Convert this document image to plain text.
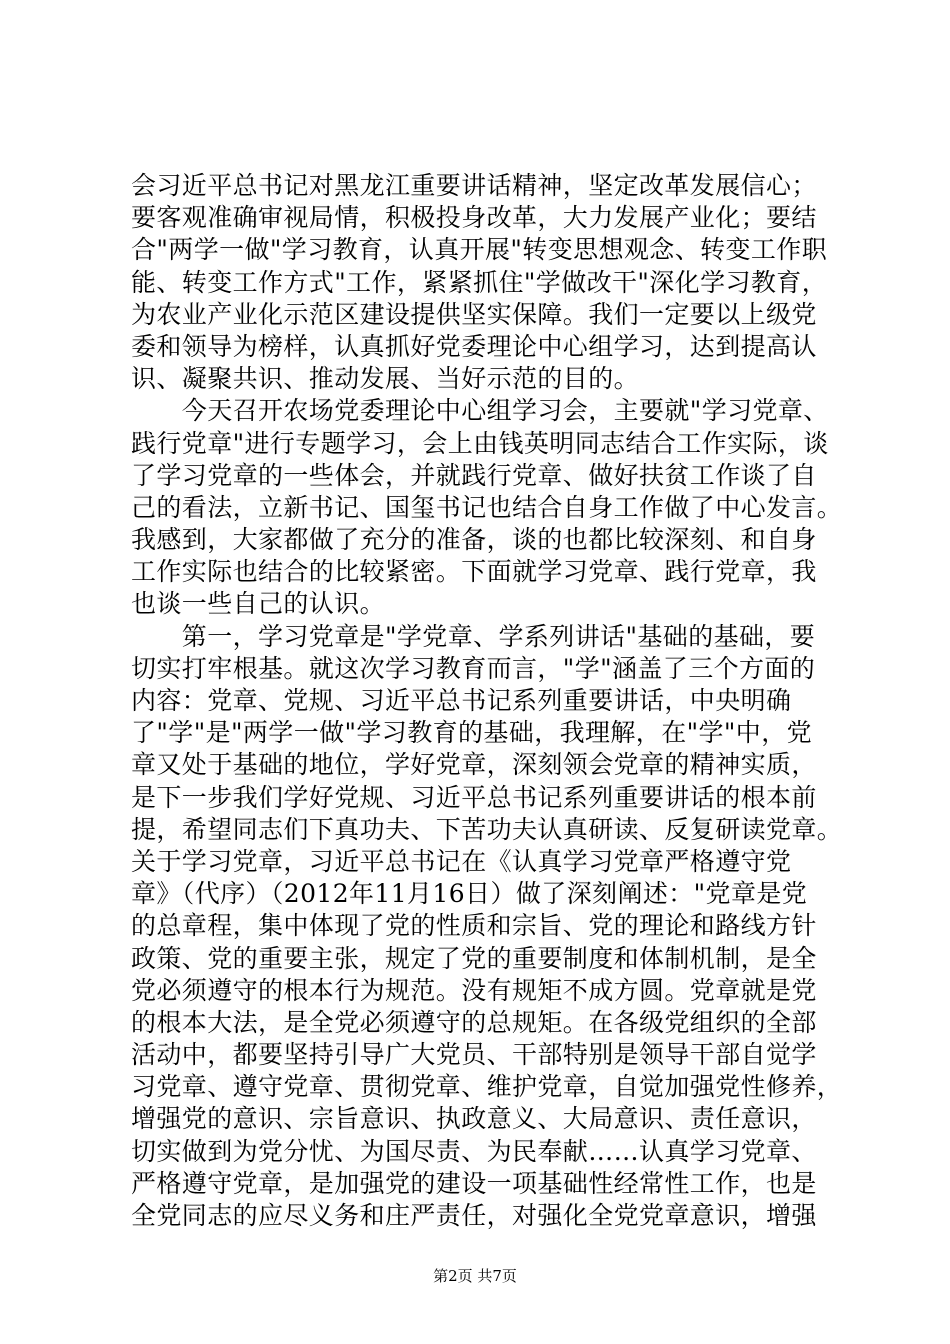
会习近平总书记对黑龙江重要讲话精神，坚定改革发展信心；
要客观准确审视局情，积极投身改革，大力发展产业化；要结
合"两学一做"学习教育，认真开展"转变思想观念、转变工作职
能、转变工作方式"工作，紧紧抓住"学做改干"深化学习教育，
为农业产业化示范区建设提供坚实保障。我们一定要以上级党
委和领导为榜样，认真抓好党委理论中心组学习，达到提高认
识、凝聚共识、推动发展、当好示范的目的。
　　今天召开农场党委理论中心组学习会，主要就"学习党章、
践行党章"进行专题学习，会上由钱英明同志结合工作实际，谈
了学习党章的一些体会，并就践行党章、做好扶贫工作谈了自
己的看法，立新书记、国玺书记也结合自身工作做了中心发言。
我感到，大家都做了充分的准备，谈的也都比较深刻、和自身
工作实际也结合的比较紧密。下面就学习党章、践行党章，我
也谈一些自己的认识。
　　第一，学习党章是"学党章、学系列讲话"基础的基础，要
切实打牢根基。就这次学习教育而言，"学"涵盖了三个方面的
内容：党章、党规、习近平总书记系列重要讲话，中央明确
了"学"是"两学一做"学习教育的基础，我理解，在"学"中，党
章又处于基础的地位，学好党章，深刻领会党章的精神实质，
是下一步我们学好党规、习近平总书记系列重要讲话的根本前
提，希望同志们下真功夫、下苦功夫认真研读、反复研读党章。
关于学习党章，习近平总书记在《认真学习党章严格遵守党
章》（代序）（2012年11月16日）做了深刻阐述："党章是党
的总章程，集中体现了党的性质和宗旨、党的理论和路线方针
政策、党的重要主张，规定了党的重要制度和体制机制，是全
党必须遵守的根本行为规范。没有规矩不成方圆。党章就是党
的根本大法，是全党必须遵守的总规矩。在各级党组织的全部
活动中，都要坚持引导广大党员、干部特别是领导干部自觉学
习党章、遵守党章、贯彻党章、维护党章，自觉加强党性修养，
增强党的意识、宗旨意识、执政意义、大局意识、责任意识，
切实做到为党分忧、为国尽责、为民奉献……认真学习党章、
严格遵守党章，是加强党的建设一项基础性经常性工作，也是
全党同志的应尽义务和庄严责任，对强化全党党章意识，增强
第2页 共7页
